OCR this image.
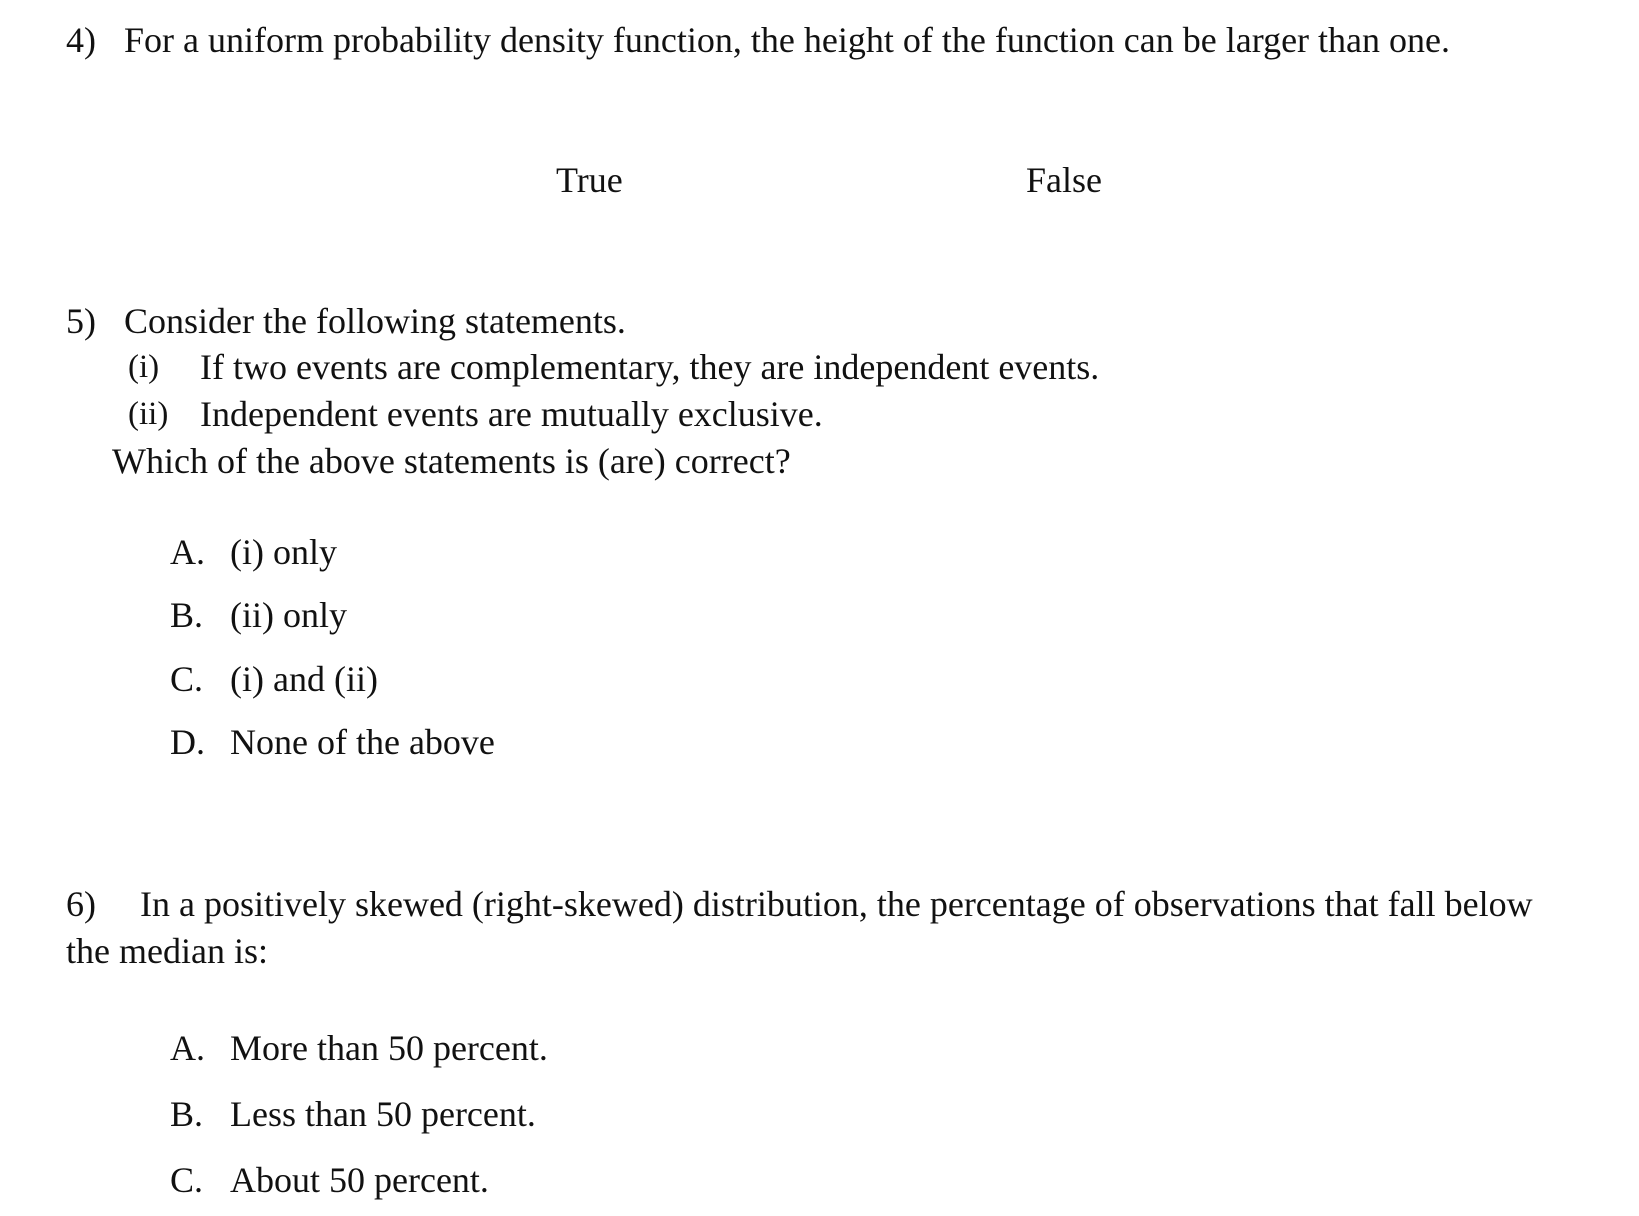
4) For a uniform probability density function, the height of the function can be larger than one.
True	False
5) Consider the following statements.
(i) If two events are complementary, they are independent events.
(ii) Independent events are mutually exclusive.
Which of the above statements is (are) correct?
A. (i) only
B. (ii) only
C. (i) and (ii)
D. None of the above
6) In a positively skewed (right-skewed) distribution, the percentage of observations that fall below
the median is:
A. More than 50 percent.
B. Less than 50 percent.
C. About 50 percent.
